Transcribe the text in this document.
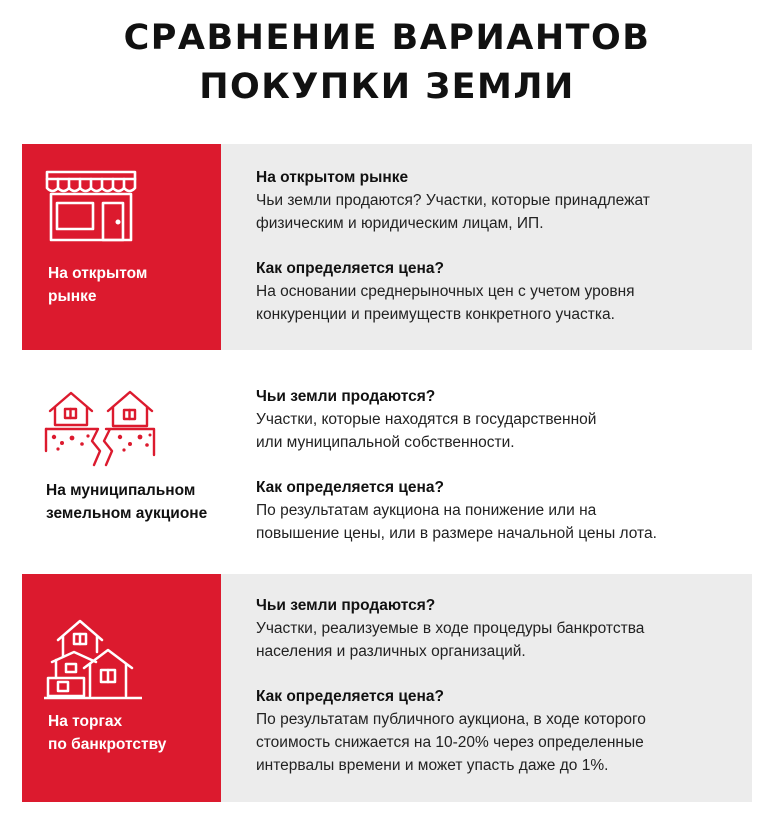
СРАВНЕНИЕ ВАРИАНТОВ
ПОКУПКИ ЗЕМЛИ
На открытом
рынке
На открытом рынке
Чьи земли продаются? Участки, которые принадлежат
физическим и юридическим лицам, ИП.
Как определяется цена?
На основании среднерыночных цен с учетом уровня
конкуренции и преимуществ конкретного участка.
На муниципальном
земельном аукционе
Чьи земли продаются?
Участки, которые находятся в государственной
или муниципальной собственности.
Как определяется цена?
По результатам аукциона на понижение или на
повышение цены, или в размере начальной цены лота.
На торгах
по банкротству
Чьи земли продаются?
Участки, реализуемые в ходе процедуры банкротства
населения и различных организаций.
Как определяется цена?
По результатам публичного аукциона, в ходе которого
стоимость снижается на 10-20% через определенные
интервалы времени и может упасть даже до 1%.
